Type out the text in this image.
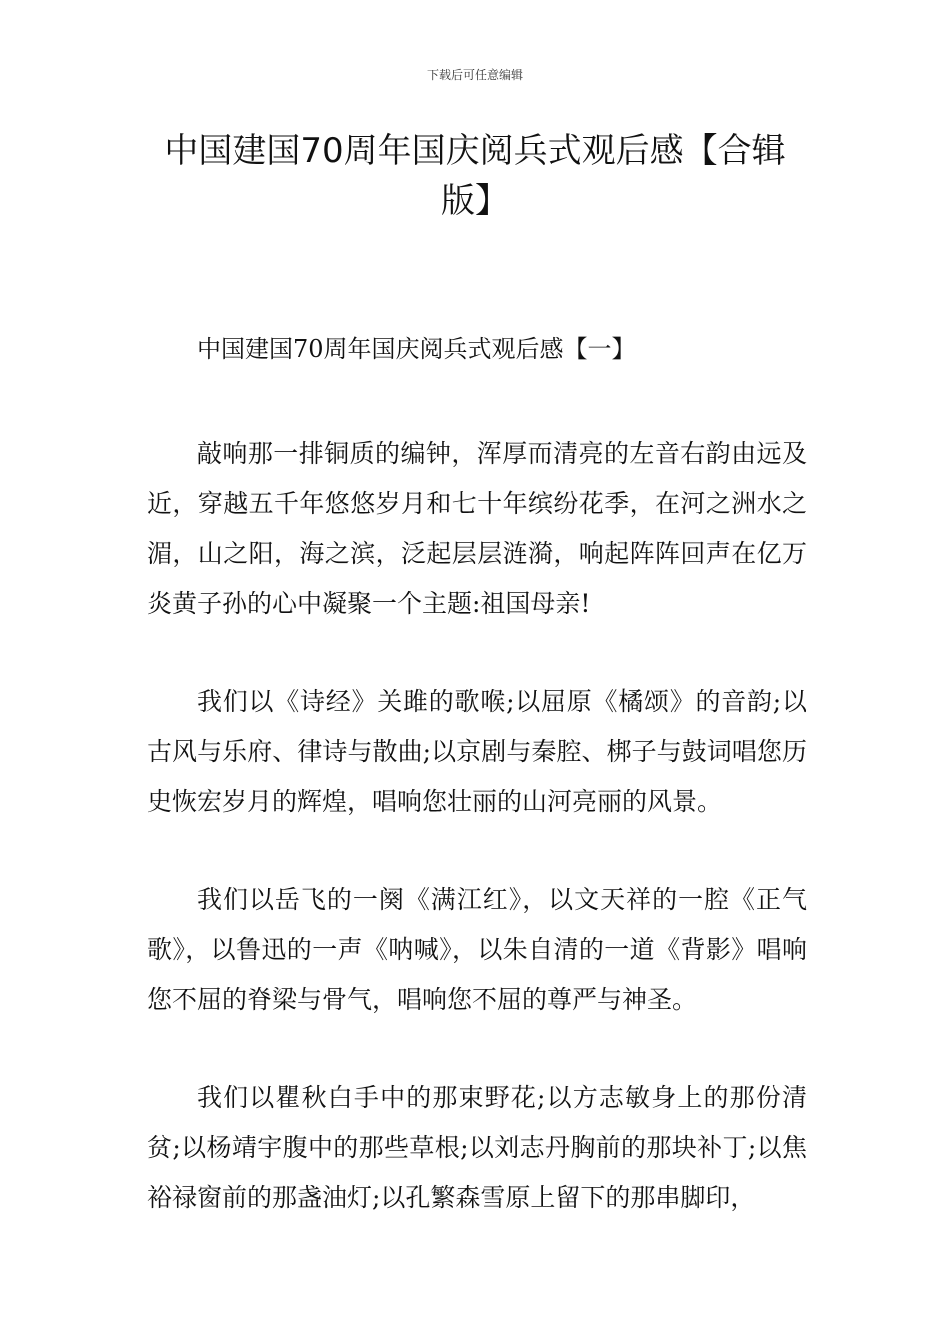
下载后可任意编辑
中国建国70周年国庆阅兵式观后感【合辑版】

中国建国70周年国庆阅兵式观后感【一】

敲响那一排铜质的编钟，浑厚而清亮的左音右韵由远及近，穿越五千年悠悠岁月和七十年缤纷花季，在河之洲水之湄，山之阳，海之滨，泛起层层涟漪，响起阵阵回声在亿万炎黄子孙的心中凝聚一个主题:祖国母亲!

我们以《诗经》关雎的歌喉;以屈原《橘颂》的音韵;以古风与乐府、律诗与散曲;以京剧与秦腔、梆子与鼓词唱您历史恢宏岁月的辉煌，唱响您壮丽的山河亮丽的风景。

我们以岳飞的一阕《满江红》，以文天祥的一腔《正气歌》，以鲁迅的一声《呐喊》，以朱自清的一道《背影》唱响您不屈的脊梁与骨气，唱响您不屈的尊严与神圣。

我们以瞿秋白手中的那束野花;以方志敏身上的那份清贫;以杨靖宇腹中的那些草根;以刘志丹胸前的那块补丁;以焦裕禄窗前的那盏油灯;以孔繁森雪原上留下的那串脚印，
